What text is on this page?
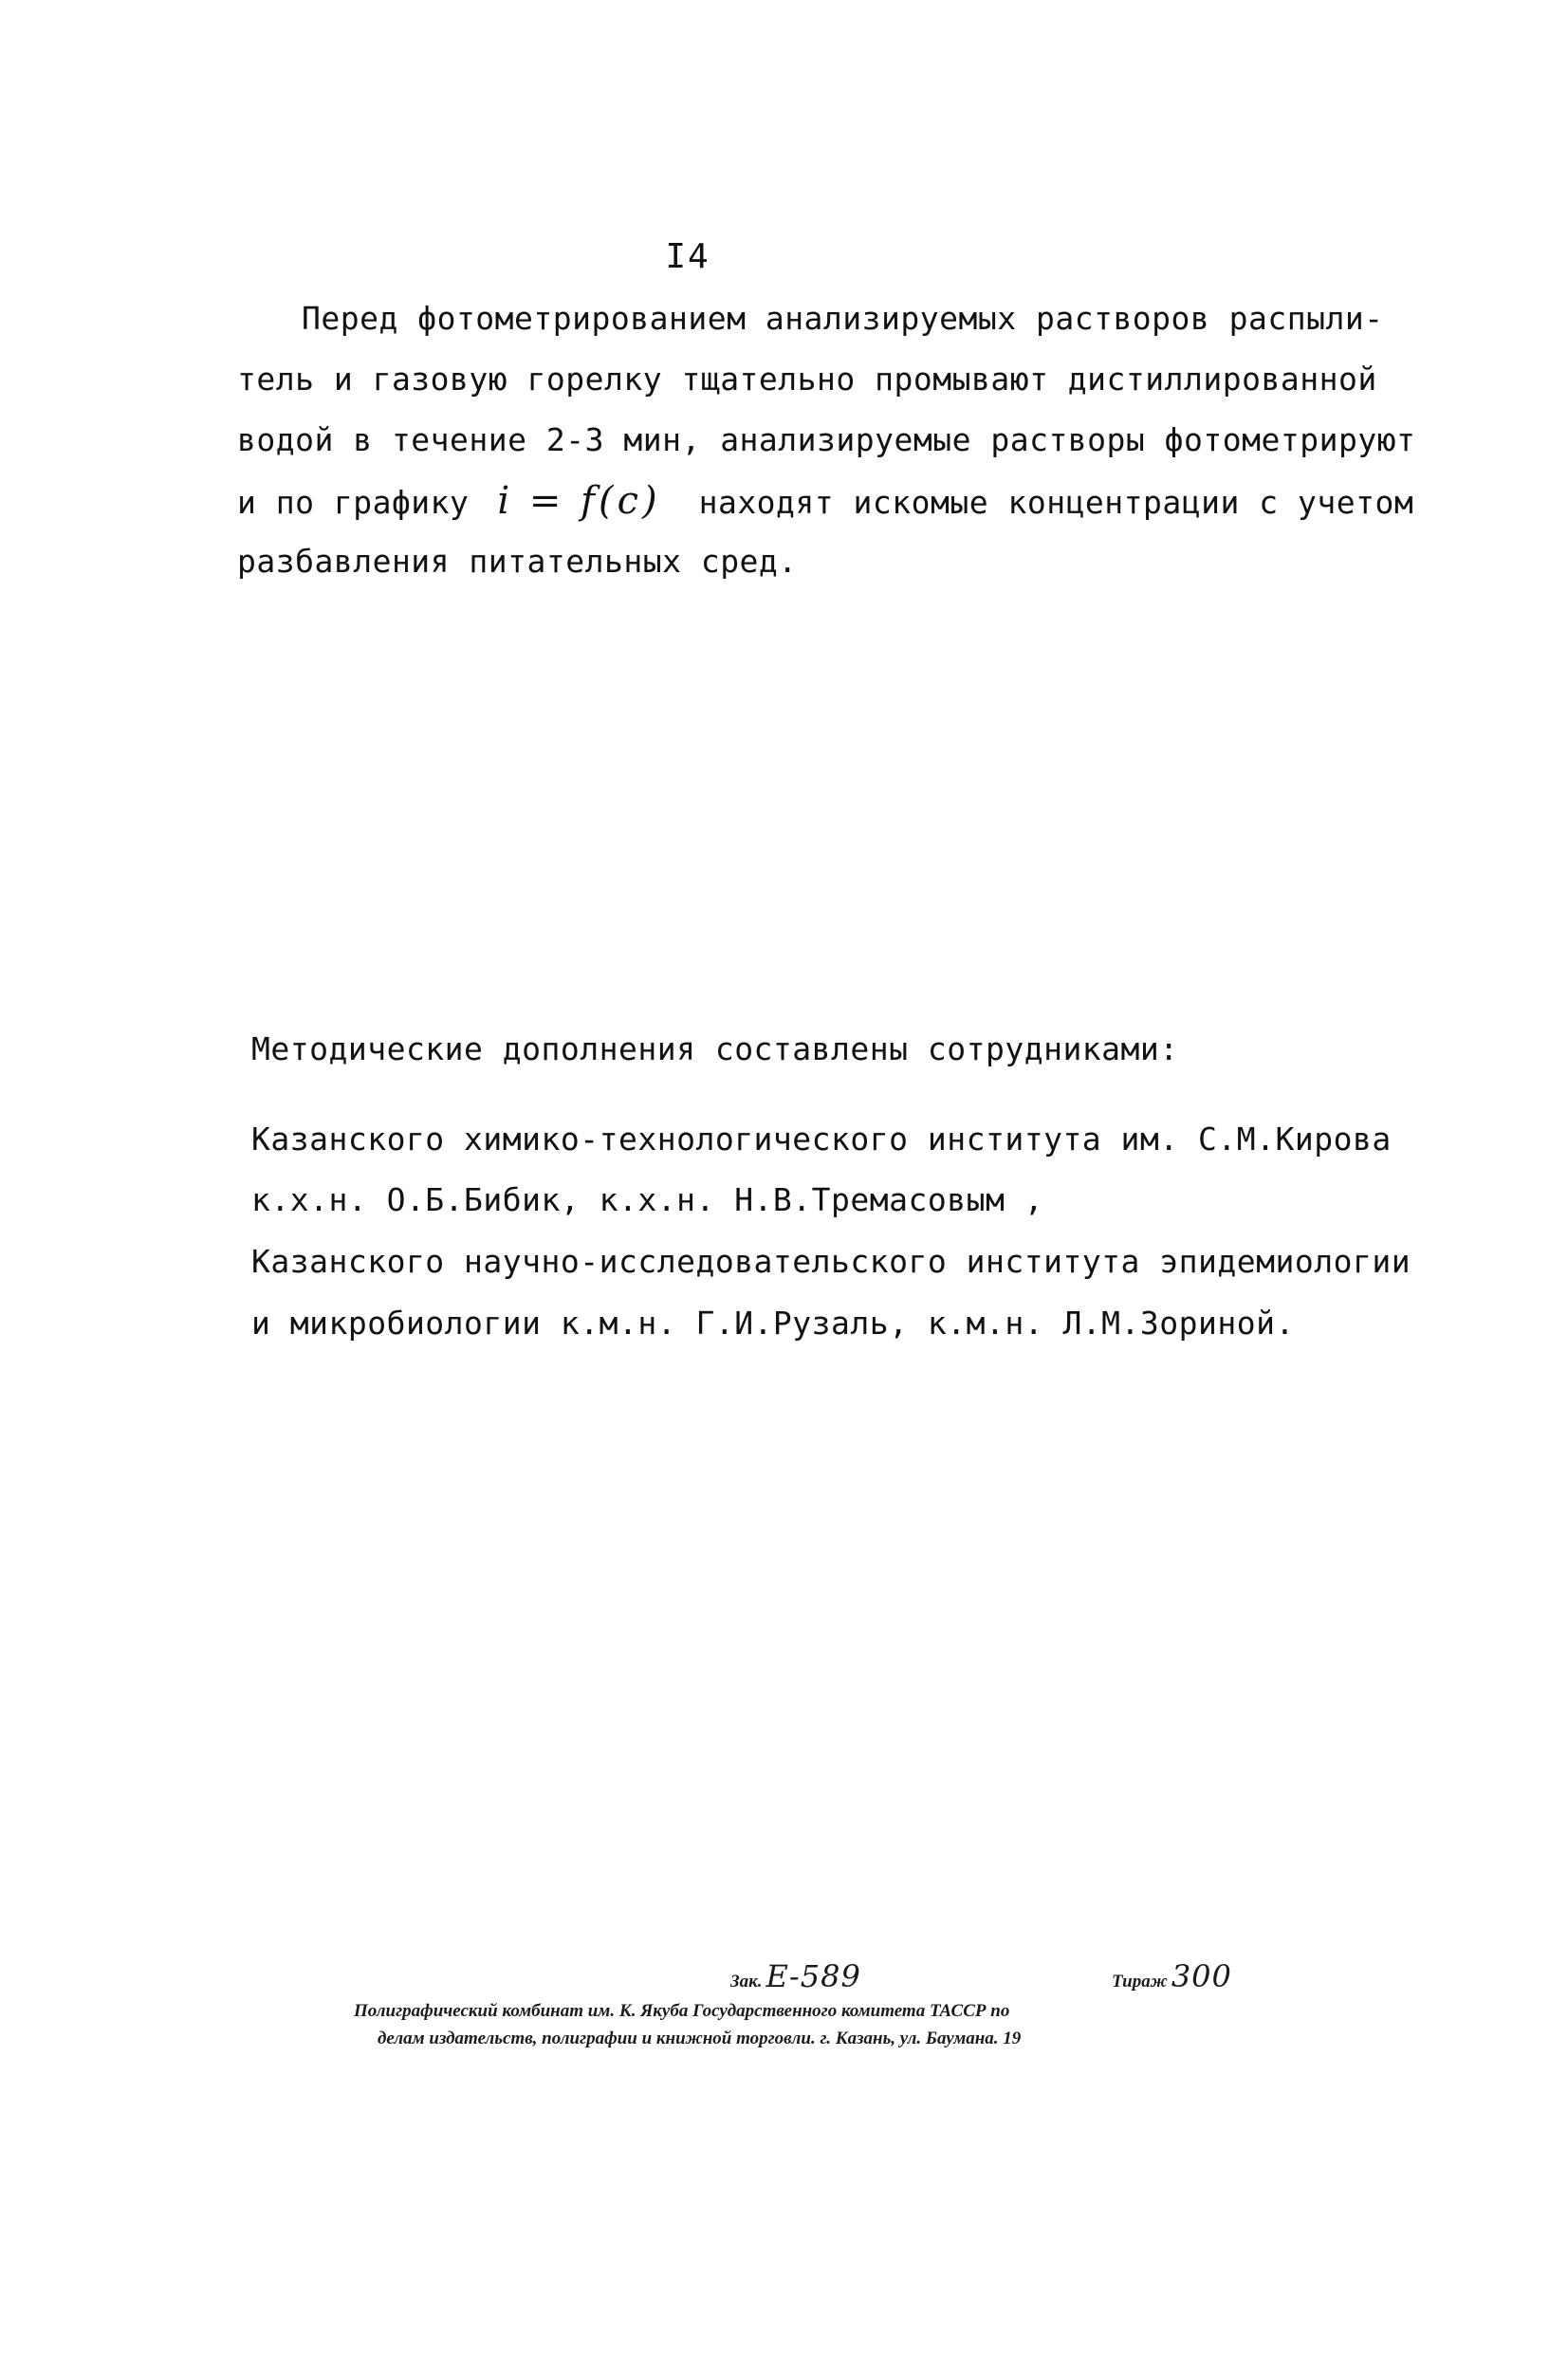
I4
Перед фотометрированием анализируемых растворов распыли-
тель и газовую горелку тщательно промывают дистиллированной
водой в течение 2-3 мин, анализируемые растворы фотометрируют
и по графику i = f(c) находят искомые концентрации с учетом
разбавления питательных сред.
Методические дополнения составлены сотрудниками:
Казанского химико-технологического института им. С.М.Кирова
к.х.н. О.Б.Бибик, к.х.н. Н.В.Тремасовым ,
Казанского научно-исследовательского института эпидемиологии
и микробиологии к.м.н. Г.И.Рузаль, к.м.н. Л.М.Зориной.
Зак. Е-589	Тираж 300
Полиграфический комбинат им. К. Якуба Государственного комитета ТАССР по
делам издательств, полиграфии и книжной торговли. г. Казань, ул. Баумана. 19
